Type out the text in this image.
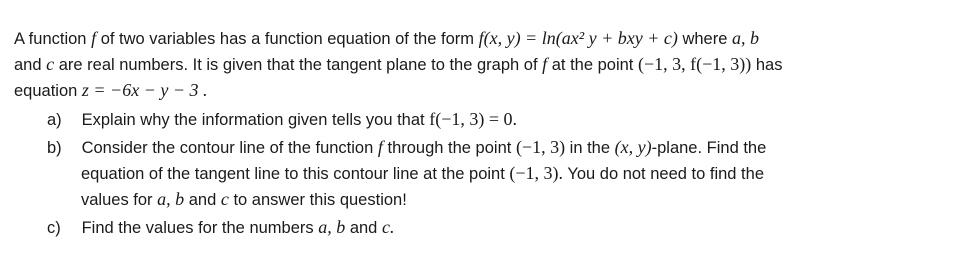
A function f of two variables has a function equation of the form f(x, y) = ln(ax² y + bxy + c) where a, b
and c are real numbers. It is given that the tangent plane to the graph of f at the point (−1, 3, f(−1, 3)) has
equation z = −6x − y − 3 .
a) Explain why the information given tells you that f(−1, 3) = 0.
b) Consider the contour line of the function f through the point (−1, 3) in the (x, y)-plane. Find the
equation of the tangent line to this contour line at the point (−1, 3). You do not need to find the
values for a, b and c to answer this question!
c) Find the values for the numbers a, b and c.
